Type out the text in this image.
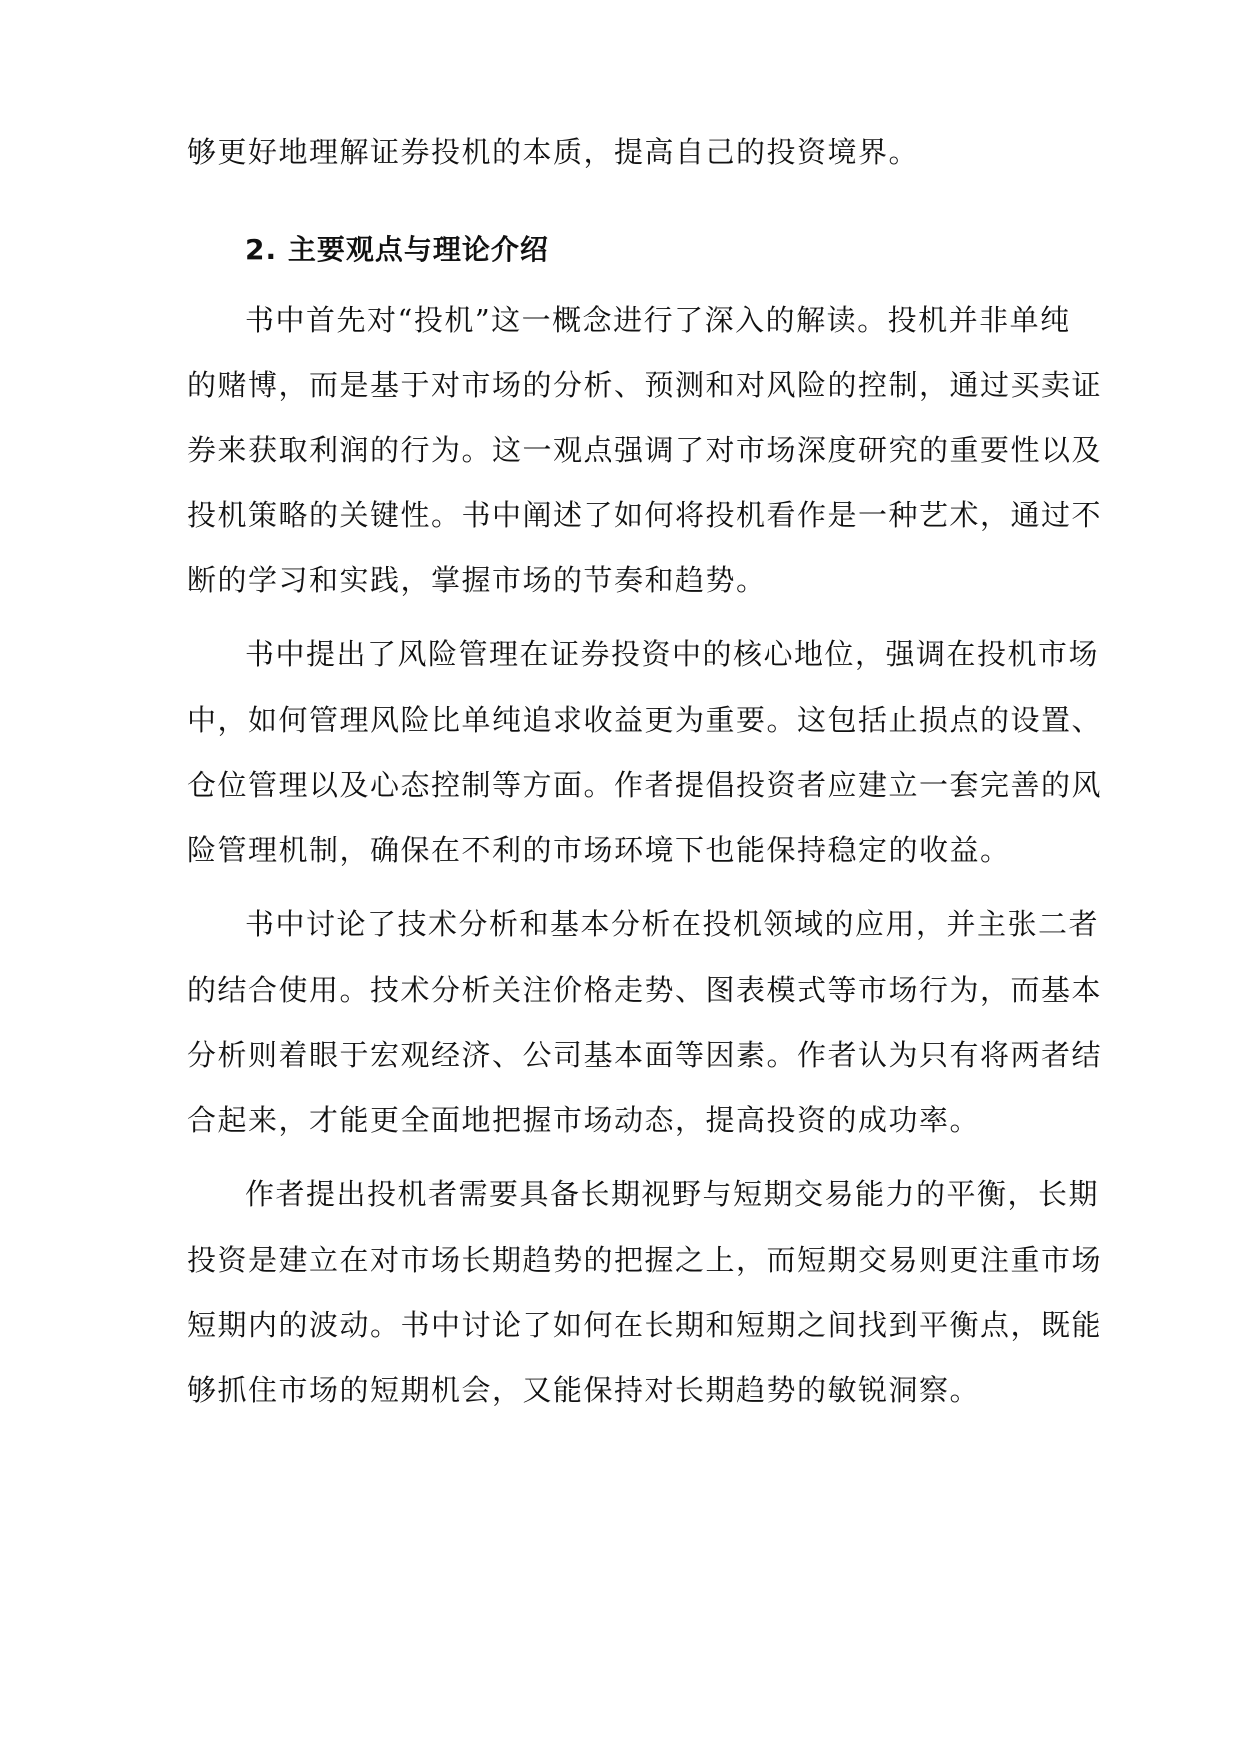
够更好地理解证券投机的本质，提高自己的投资境界。
2. 主要观点与理论介绍
书中首先对“投机”这一概念进行了深入的解读。投机并非单纯
的赌博，而是基于对市场的分析、预测和对风险的控制，通过买卖证
券来获取利润的行为。这一观点强调了对市场深度研究的重要性以及
投机策略的关键性。书中阐述了如何将投机看作是一种艺术，通过不
断的学习和实践，掌握市场的节奏和趋势。
书中提出了风险管理在证券投资中的核心地位，强调在投机市场
中，如何管理风险比单纯追求收益更为重要。这包括止损点的设置、
仓位管理以及心态控制等方面。作者提倡投资者应建立一套完善的风
险管理机制，确保在不利的市场环境下也能保持稳定的收益。
书中讨论了技术分析和基本分析在投机领域的应用，并主张二者
的结合使用。技术分析关注价格走势、图表模式等市场行为，而基本
分析则着眼于宏观经济、公司基本面等因素。作者认为只有将两者结
合起来，才能更全面地把握市场动态，提高投资的成功率。
作者提出投机者需要具备长期视野与短期交易能力的平衡，长期
投资是建立在对市场长期趋势的把握之上，而短期交易则更注重市场
短期内的波动。书中讨论了如何在长期和短期之间找到平衡点，既能
够抓住市场的短期机会，又能保持对长期趋势的敏锐洞察。
